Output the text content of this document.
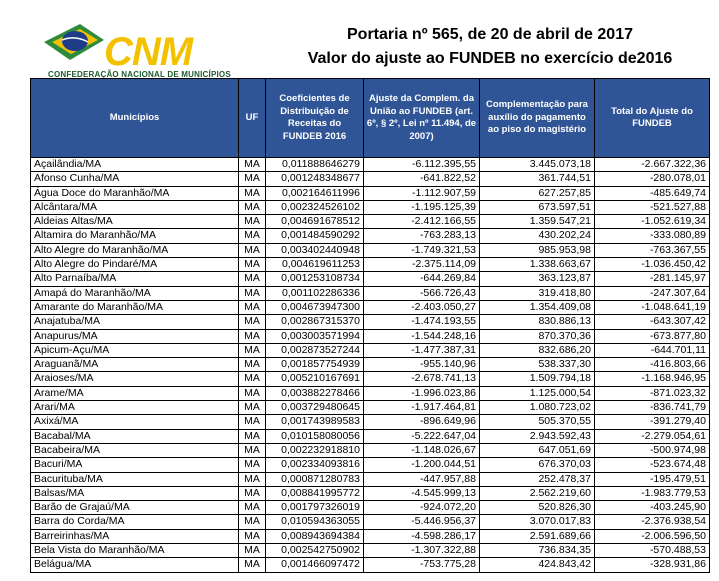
CNM
CONFEDERAÇÃO NACIONAL DE MUNICÍPIOS
Portaria nº 565, de 20 de abril de 2017
Valor do ajuste ao FUNDEB no exercício de2016
Municípios	UF	Coeficientes de Distribuição de Receitas do FUNDEB 2016	Ajuste da Complem. da União ao FUNDEB (art. 6º, § 2º, Lei nº 11.494, de 2007)	Complementação para auxílio do pagamento ao piso do magistério	Total do Ajuste do FUNDEB
Açailândia/MA	MA	0,011888646279	-6.112.395,55	3.445.073,18	-2.667.322,36
Afonso Cunha/MA	MA	0,001248348677	-641.822,52	361.744,51	-280.078,01
Água Doce do Maranhão/MA	MA	0,002164611996	-1.112.907,59	627.257,85	-485.649,74
Alcântara/MA	MA	0,002324526102	-1.195.125,39	673.597,51	-521.527,88
Aldeias Altas/MA	MA	0,004691678512	-2.412.166,55	1.359.547,21	-1.052.619,34
Altamira do Maranhão/MA	MA	0,001484590292	-763.283,13	430.202,24	-333.080,89
Alto Alegre do Maranhão/MA	MA	0,003402440948	-1.749.321,53	985.953,98	-763.367,55
Alto Alegre do Pindaré/MA	MA	0,004619611253	-2.375.114,09	1.338.663,67	-1.036.450,42
Alto Parnaíba/MA	MA	0,001253108734	-644.269,84	363.123,87	-281.145,97
Amapá do Maranhão/MA	MA	0,001102286336	-566.726,43	319.418,80	-247.307,64
Amarante do Maranhão/MA	MA	0,004673947300	-2.403.050,27	1.354.409,08	-1.048.641,19
Anajatuba/MA	MA	0,002867315370	-1.474.193,55	830.886,13	-643.307,42
Anapurus/MA	MA	0,003003571994	-1.544.248,16	870.370,36	-673.877,80
Apicum-Açu/MA	MA	0,002873527244	-1.477.387,31	832.686,20	-644.701,11
Araguanã/MA	MA	0,001857754939	-955.140,96	538.337,30	-416.803,66
Araioses/MA	MA	0,005210167691	-2.678.741,13	1.509.794,18	-1.168.946,95
Arame/MA	MA	0,003882278466	-1.996.023,86	1.125.000,54	-871.023,32
Arari/MA	MA	0,003729480645	-1.917.464,81	1.080.723,02	-836.741,79
Axixá/MA	MA	0,001743989583	-896.649,96	505.370,55	-391.279,40
Bacabal/MA	MA	0,010158080056	-5.222.647,04	2.943.592,43	-2.279.054,61
Bacabeira/MA	MA	0,002232918810	-1.148.026,67	647.051,69	-500.974,98
Bacuri/MA	MA	0,002334093816	-1.200.044,51	676.370,03	-523.674,48
Bacurituba/MA	MA	0,000871280783	-447.957,88	252.478,37	-195.479,51
Balsas/MA	MA	0,008841995772	-4.545.999,13	2.562.219,60	-1.983.779,53
Barão de Grajaú/MA	MA	0,001797326019	-924.072,20	520.826,30	-403.245,90
Barra do Corda/MA	MA	0,010594363055	-5.446.956,37	3.070.017,83	-2.376.938,54
Barreirinhas/MA	MA	0,008943694384	-4.598.286,17	2.591.689,66	-2.006.596,50
Bela Vista do Maranhão/MA	MA	0,002542750902	-1.307.322,88	736.834,35	-570.488,53
Belágua/MA	MA	0,001466097472	-753.775,28	424.843,42	-328.931,86
